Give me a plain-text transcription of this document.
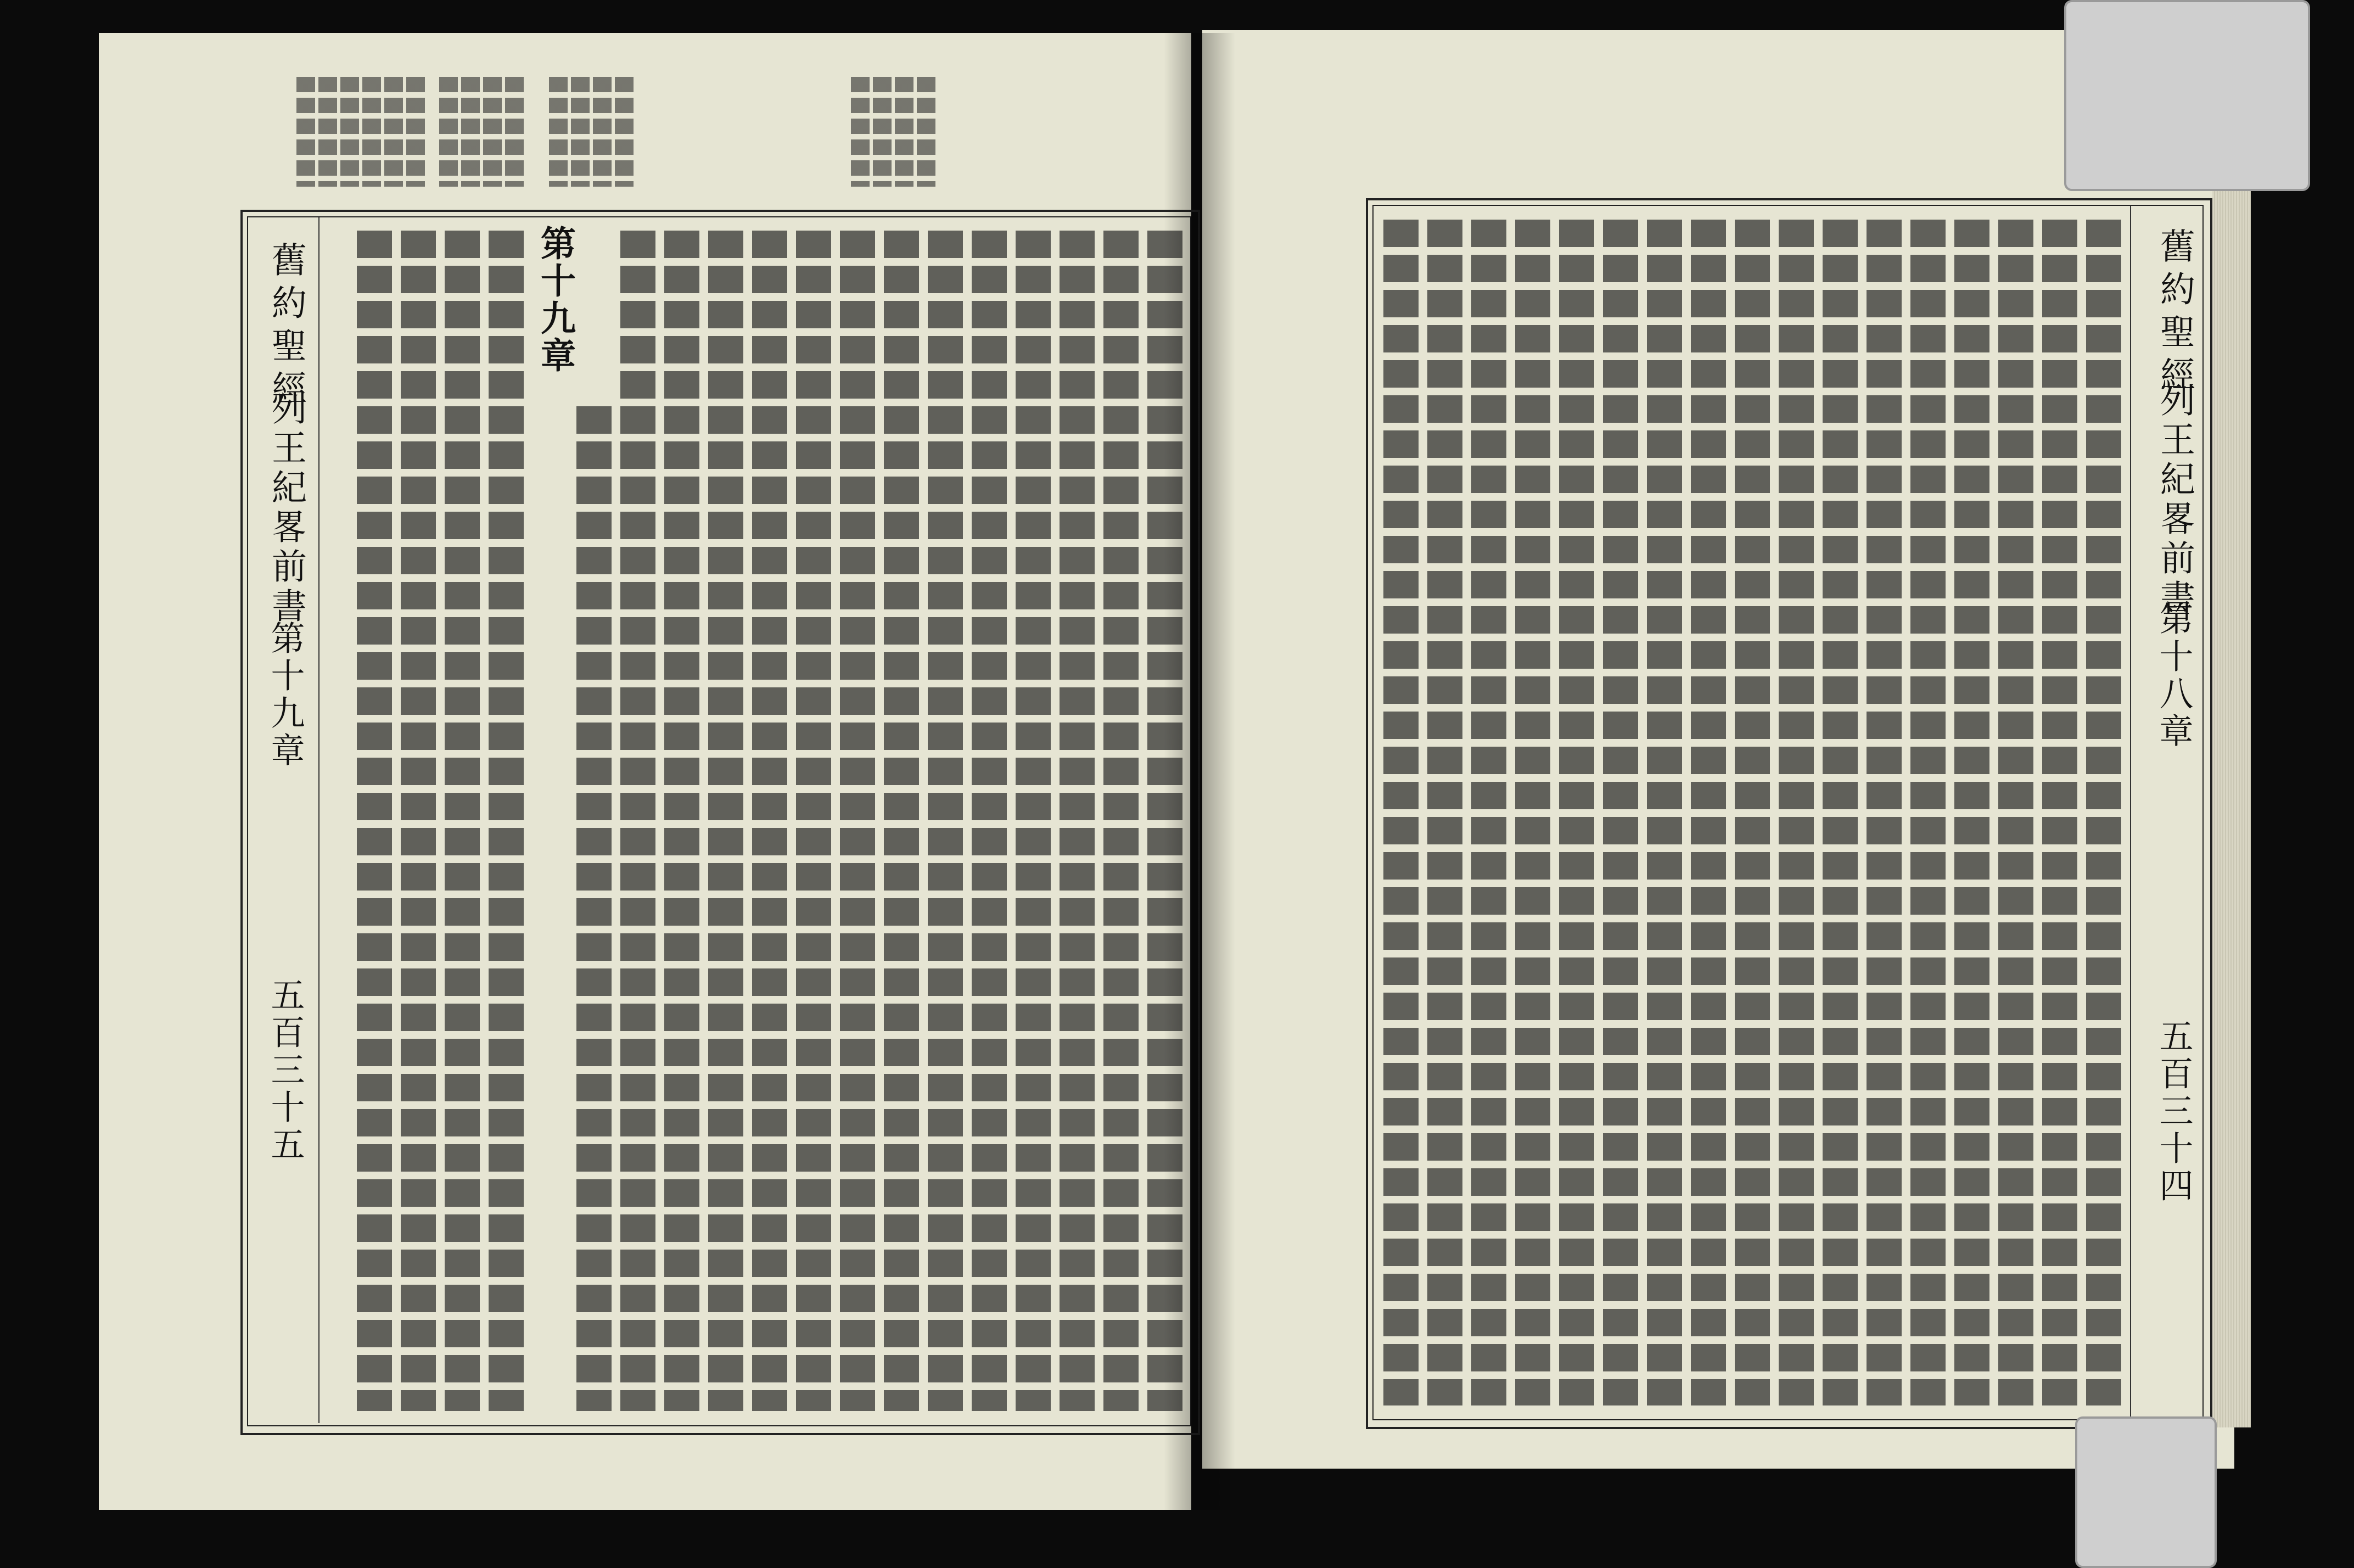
舊約聖經
列王紀畧前書
第十九章
五百三十五
第十九章	舊約聖經
列王紀畧前書
第十八章
五百三十四
